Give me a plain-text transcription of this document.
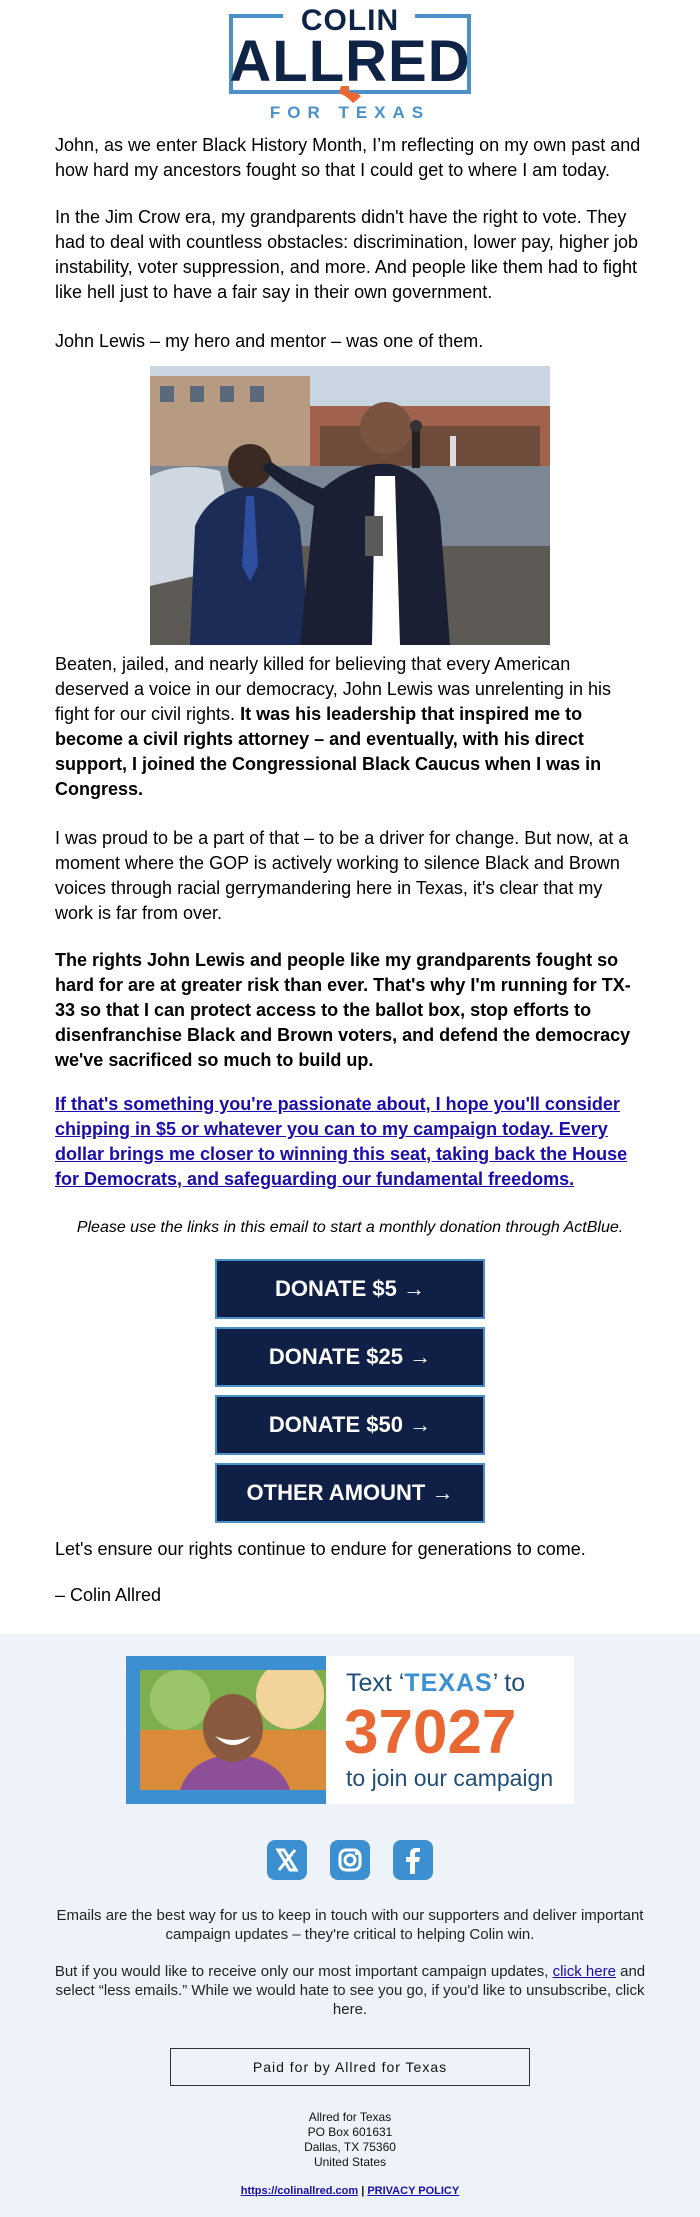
COLIN
ALLRED
FOR TEXAS

John, as we enter Black History Month, I’m reflecting on my own past and how hard my ancestors fought so that I could get to where I am today.

In the Jim Crow era, my grandparents didn't have the right to vote. They had to deal with countless obstacles: discrimination, lower pay, higher job instability, voter suppression, and more. And people like them had to fight like hell just to have a fair say in their own government.

John Lewis – my hero and mentor – was one of them.

Beaten, jailed, and nearly killed for believing that every American deserved a voice in our democracy, John Lewis was unrelenting in his fight for our civil rights. It was his leadership that inspired me to become a civil rights attorney – and eventually, with his direct support, I joined the Congressional Black Caucus when I was in Congress.

I was proud to be a part of that – to be a driver for change. But now, at a moment where the GOP is actively working to silence Black and Brown voices through racial gerrymandering here in Texas, it's clear that my work is far from over.

The rights John Lewis and people like my grandparents fought so hard for are at greater risk than ever. That's why I'm running for TX-33 so that I can protect access to the ballot box, stop efforts to disenfranchise Black and Brown voters, and defend the democracy we've sacrificed so much to build up.

If that's something you're passionate about, I hope you'll consider chipping in $5 or whatever you can to my campaign today. Every dollar brings me closer to winning this seat, taking back the House for Democrats, and safeguarding our fundamental freedoms.

Please use the links in this email to start a monthly donation through ActBlue.
DONATE $5 →
DONATE $25 →
DONATE $50 →
OTHER AMOUNT →

Let's ensure our rights continue to endure for generations to come.

– Colin Allred

Text ‘TEXAS’ to
37027
to join our campaign
Emails are the best way for us to keep in touch with our supporters and deliver important campaign updates – they're critical to helping Colin win.
But if you would like to receive only our most important campaign updates, click here and select “less emails.” While we would hate to see you go, if you'd like to unsubscribe, click here.
Paid for by Allred for Texas
Allred for Texas
PO Box 601631
Dallas, TX 75360
United States
https://colinallred.com | PRIVACY POLICY
